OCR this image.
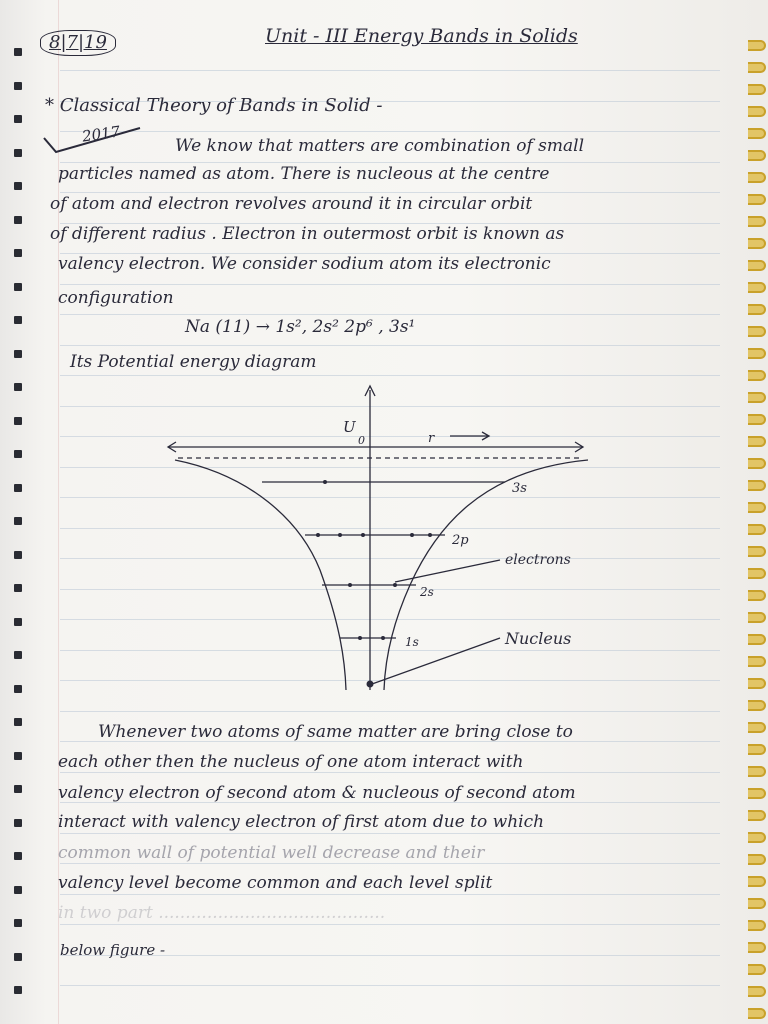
8|7|19	Unit - III Energy Bands in Solids
* Classical Theory of Bands in Solid -
2017
We know that matters are combination of small
particles named as atom. There is nucleous at the centre
of atom and electron revolves around it in circular orbit
of different radius . Electron in outermost orbit is known as
valency electron. We consider sodium atom its electronic
configuration
Na (11) → 1s², 2s² 2p⁶ , 3s¹
Its Potential energy diagram
U
0	r
3s
2p
2s
1s
electrons
Nucleus
Whenever two atoms of same matter are bring close to
each other then the nucleus of one atom interact with
valency electron of second atom & nucleous of second atom
interact with valency electron of first atom due to which
common wall of potential well decrease and their
valency level become common and each level split
in two part ..........................................
below figure -
